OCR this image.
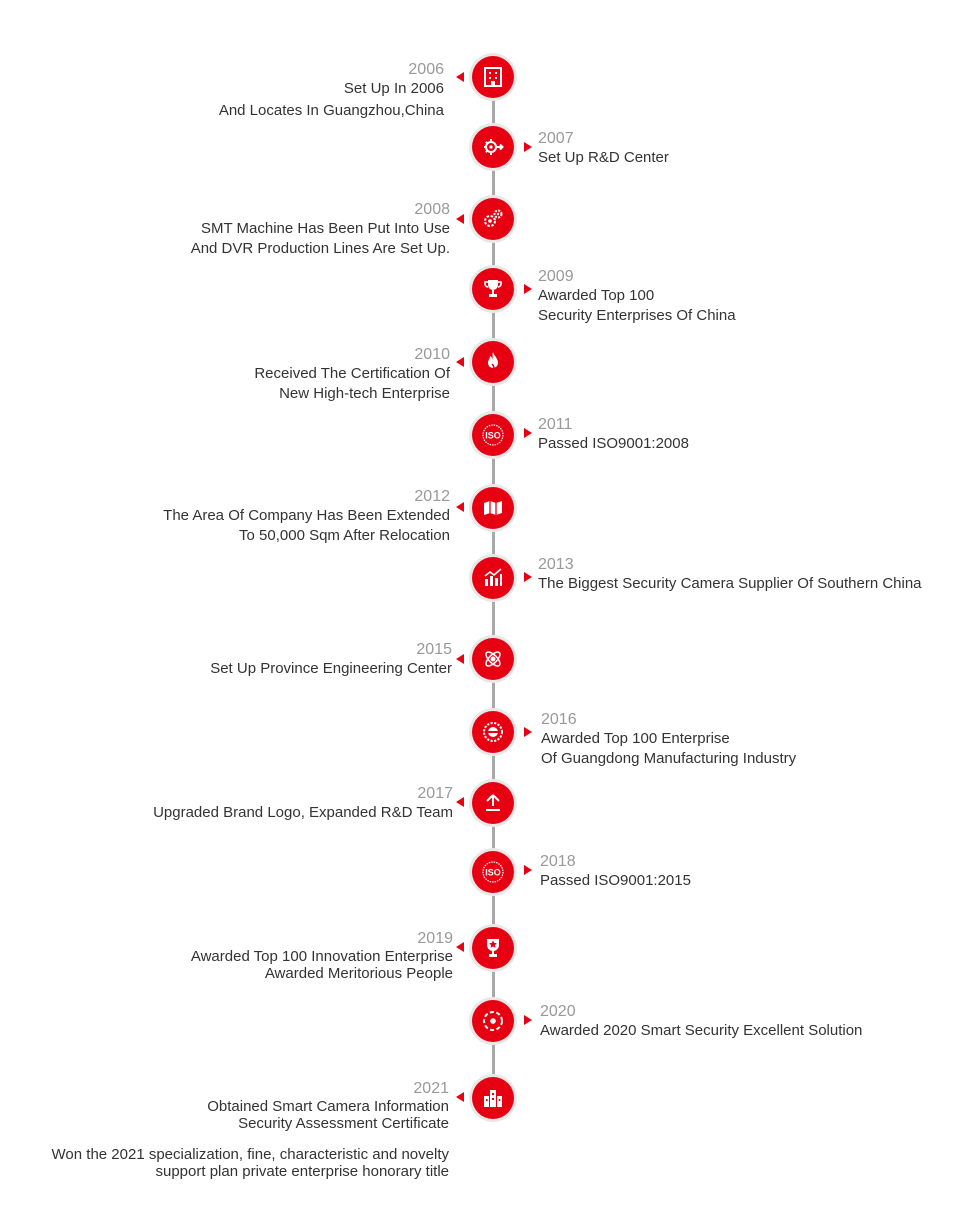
2006
Set Up In 2006
And Locates In Guangzhou,China
2007
Set Up R&D Center
2008
SMT Machine Has Been Put Into Use
And DVR Production Lines Are Set Up.
2009
Awarded Top 100
Security Enterprises Of China
2010
Received The Certification Of
New High-tech Enterprise
ISO
2011
Passed ISO9001:2008
2012
The Area Of Company Has Been Extended
To 50,000 Sqm After Relocation
2013
The Biggest Security Camera Supplier Of Southern China
2015
Set Up Province Engineering Center
2016
Awarded Top 100 Enterprise
Of Guangdong Manufacturing Industry
2017
Upgraded Brand Logo, Expanded R&D Team
ISO
2018
Passed ISO9001:2015
2019
Awarded Top 100 Innovation Enterprise
Awarded Meritorious People
2020
Awarded 2020 Smart Security Excellent Solution
2021
Obtained Smart Camera Information
Security Assessment Certificate
Won the 2021 specialization, fine, characteristic and novelty
support plan private enterprise honorary title
